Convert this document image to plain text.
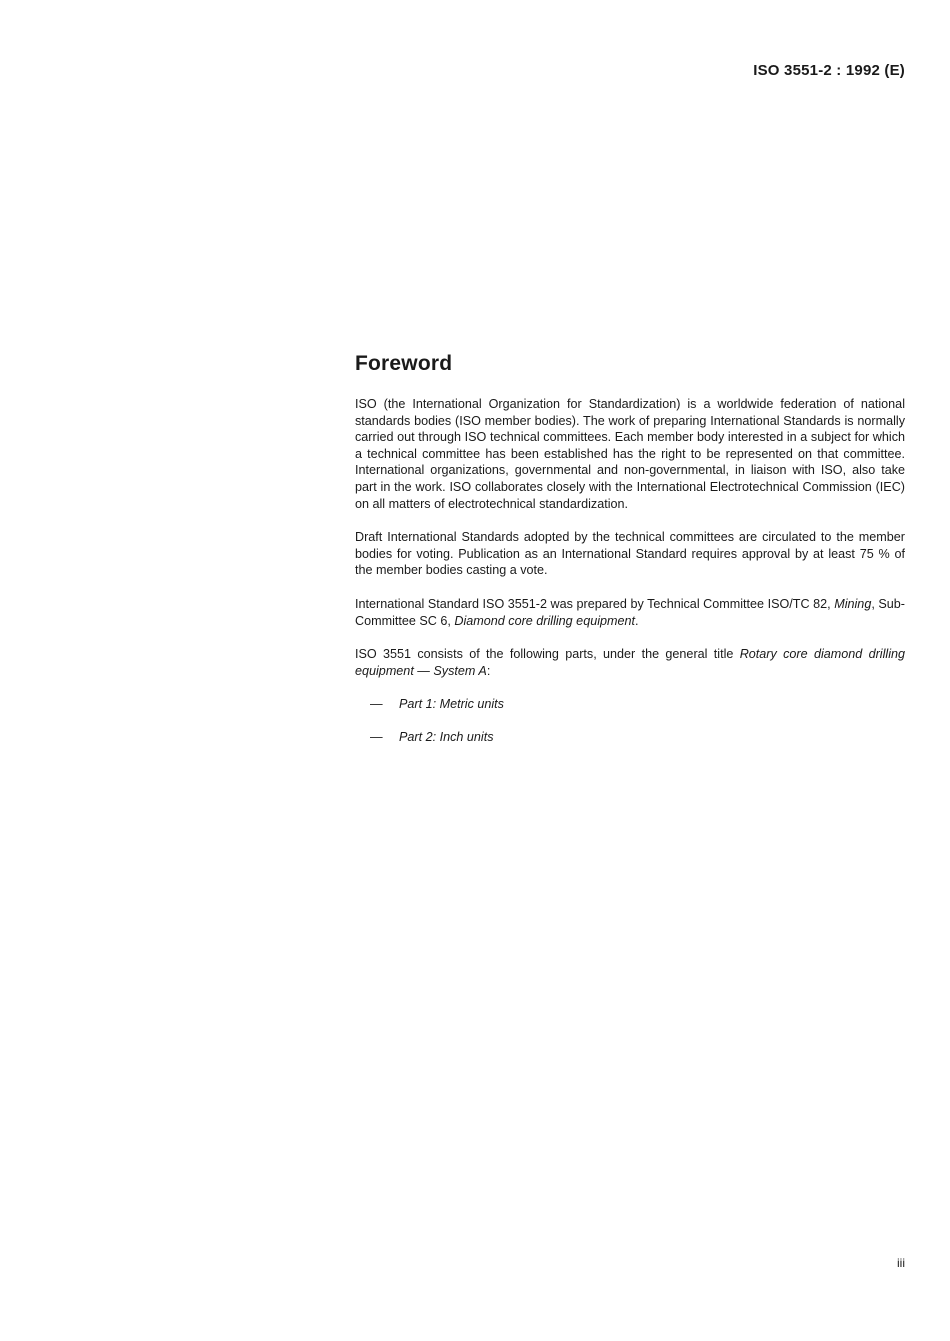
ISO 3551-2 : 1992 (E)
Foreword

ISO (the International Organization for Standardization) is a worldwide federation of national standards bodies (ISO member bodies). The work of preparing International Standards is normally carried out through ISO technical committees. Each member body interested in a subject for which a technical committee has been established has the right to be represented on that committee. International organizations, governmental and non-governmental, in liaison with ISO, also take part in the work. ISO collaborates closely with the International Electrotechnical Commission (IEC) on all matters of electrotechnical standardization.

Draft International Standards adopted by the technical committees are circulated to the member bodies for voting. Publication as an International Standard requires approval by at least 75 % of the member bodies casting a vote.

International Standard ISO 3551-2 was prepared by Technical Committee ISO/TC 82, Mining, Sub-Committee SC 6, Diamond core drilling equipment.

ISO 3551 consists of the following parts, under the general title Rotary core diamond drilling equipment — System A:

—	Part 1: Metric units
—	Part 2: Inch units
iii
